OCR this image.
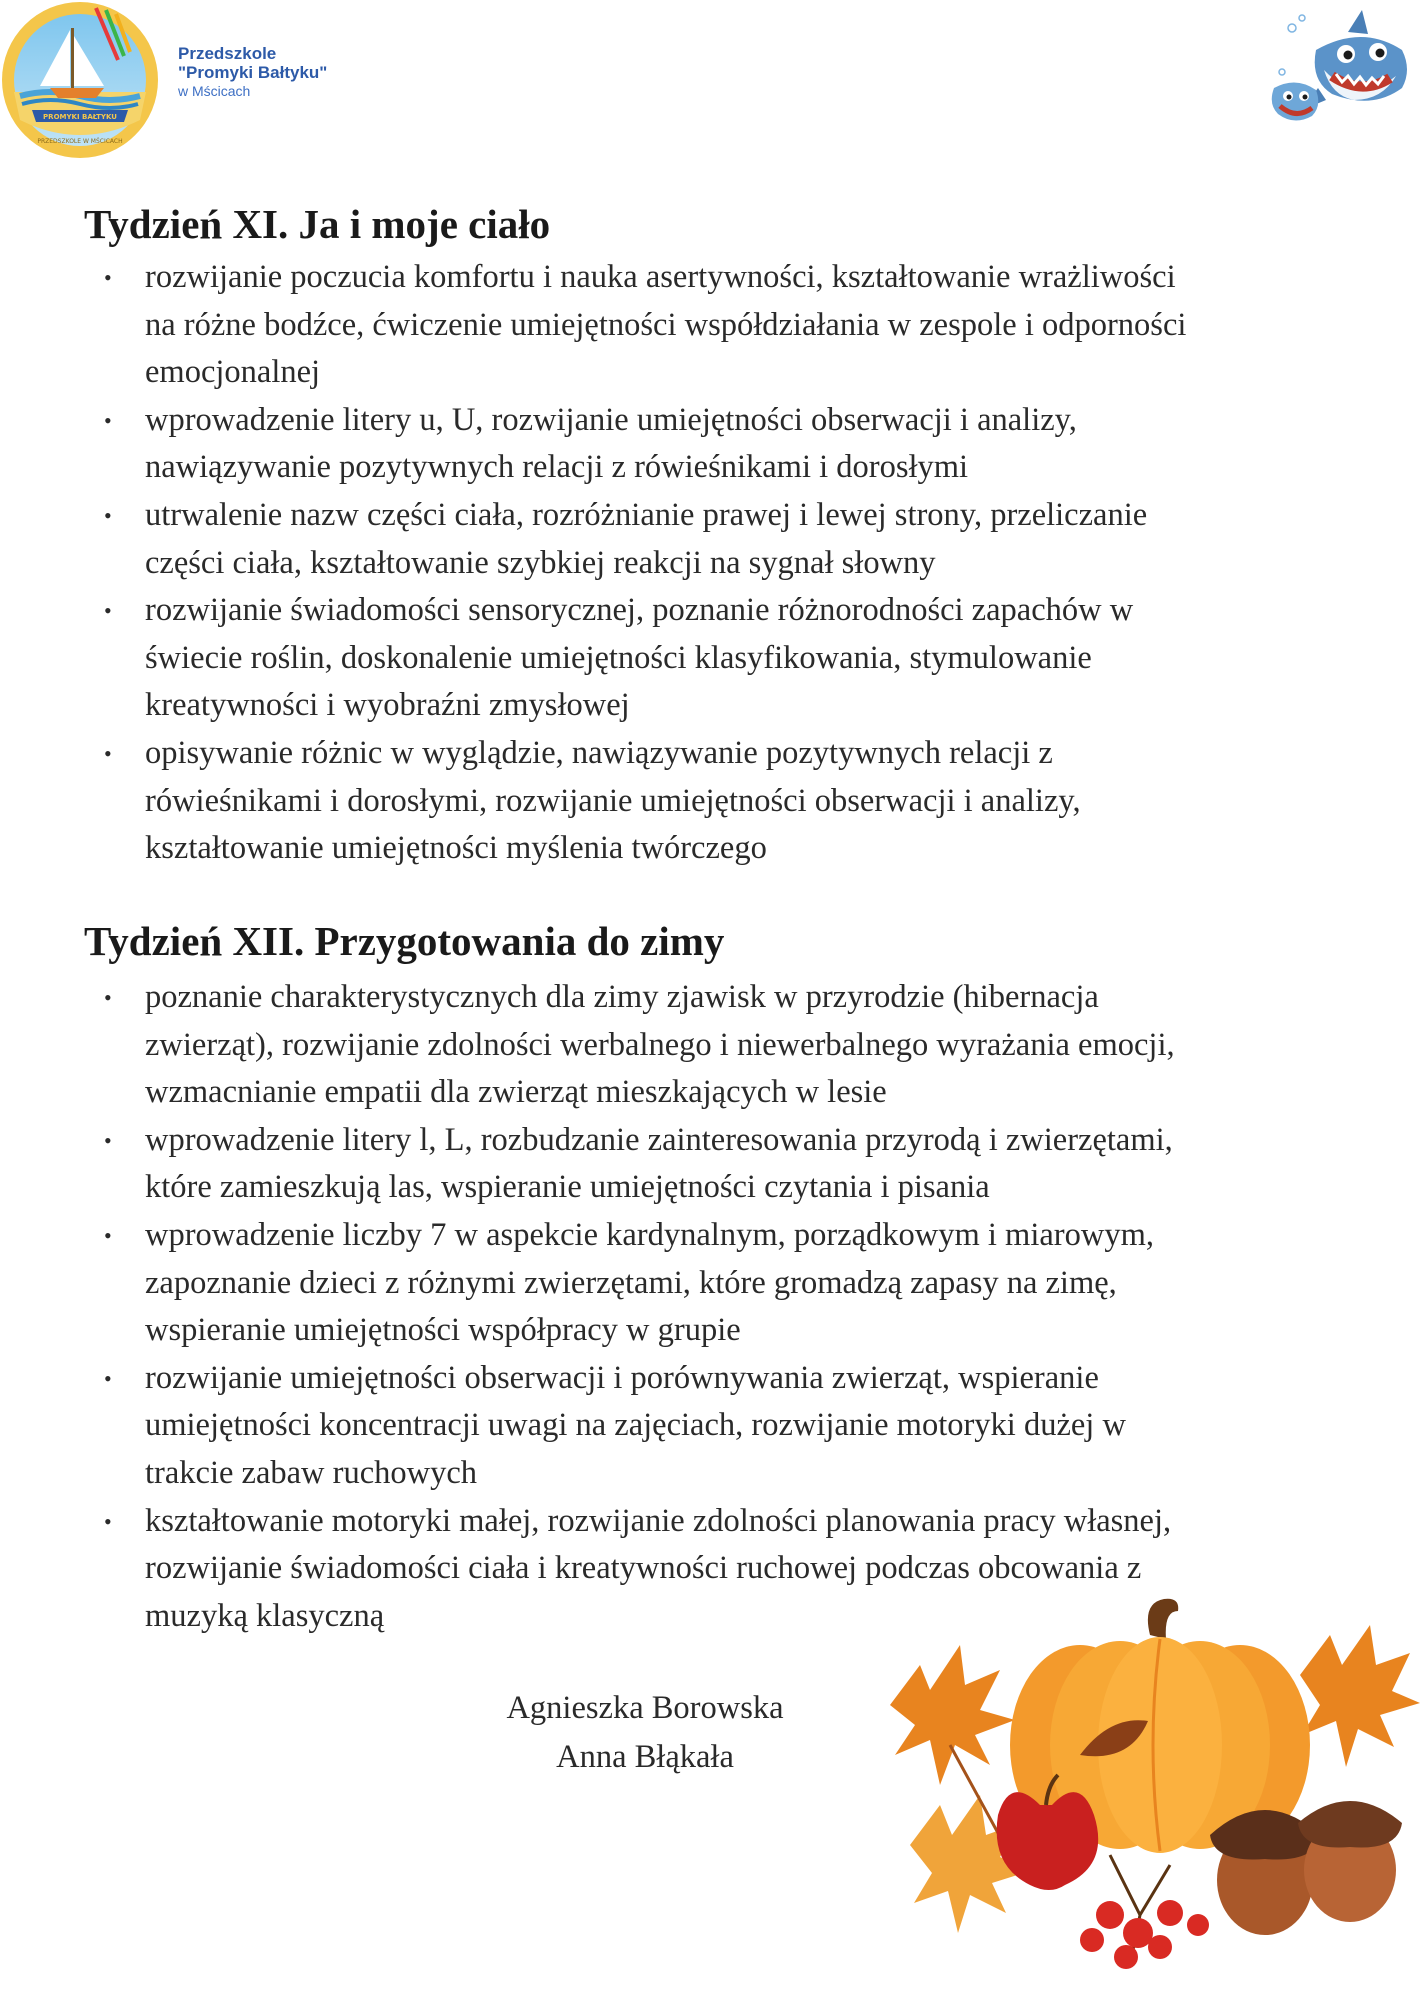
PROMYKI BAŁTYKU
PRZEDSZKOLE W MŚCICACH
Przedszkole
"Promyki Bałtyku"
w Mścicach
Tydzień XI. Ja i moje ciało
• rozwijanie poczucia komfortu i nauka asertywności, kształtowanie wrażliwości
na różne bodźce, ćwiczenie umiejętności współdziałania w zespole i odporności
emocjonalnej
• wprowadzenie litery u, U, rozwijanie umiejętności obserwacji i analizy,
nawiązywanie pozytywnych relacji z rówieśnikami i dorosłymi
• utrwalenie nazw części ciała, rozróżnianie prawej i lewej strony, przeliczanie
części ciała, kształtowanie szybkiej reakcji na sygnał słowny
• rozwijanie świadomości sensorycznej, poznanie różnorodności zapachów w
świecie roślin, doskonalenie umiejętności klasyfikowania, stymulowanie
kreatywności i wyobraźni zmysłowej
• opisywanie różnic w wyglądzie, nawiązywanie pozytywnych relacji z
rówieśnikami i dorosłymi, rozwijanie umiejętności obserwacji i analizy,
kształtowanie umiejętności myślenia twórczego
Tydzień XII. Przygotowania do zimy
• poznanie charakterystycznych dla zimy zjawisk w przyrodzie (hibernacja
zwierząt), rozwijanie zdolności werbalnego i niewerbalnego wyrażania emocji,
wzmacnianie empatii dla zwierząt mieszkających w lesie
• wprowadzenie litery l, L, rozbudzanie zainteresowania przyrodą i zwierzętami,
które zamieszkują las, wspieranie umiejętności czytania i pisania
• wprowadzenie liczby 7 w aspekcie kardynalnym, porządkowym i miarowym,
zapoznanie dzieci z różnymi zwierzętami, które gromadzą zapasy na zimę,
wspieranie umiejętności współpracy w grupie
• rozwijanie umiejętności obserwacji i porównywania zwierząt, wspieranie
umiejętności koncentracji uwagi na zajęciach, rozwijanie motoryki dużej w
trakcie zabaw ruchowych
• kształtowanie motoryki małej, rozwijanie zdolności planowania pracy własnej,
rozwijanie świadomości ciała i kreatywności ruchowej podczas obcowania z
muzyką klasyczną
Agnieszka Borowska
Anna Błąkała
